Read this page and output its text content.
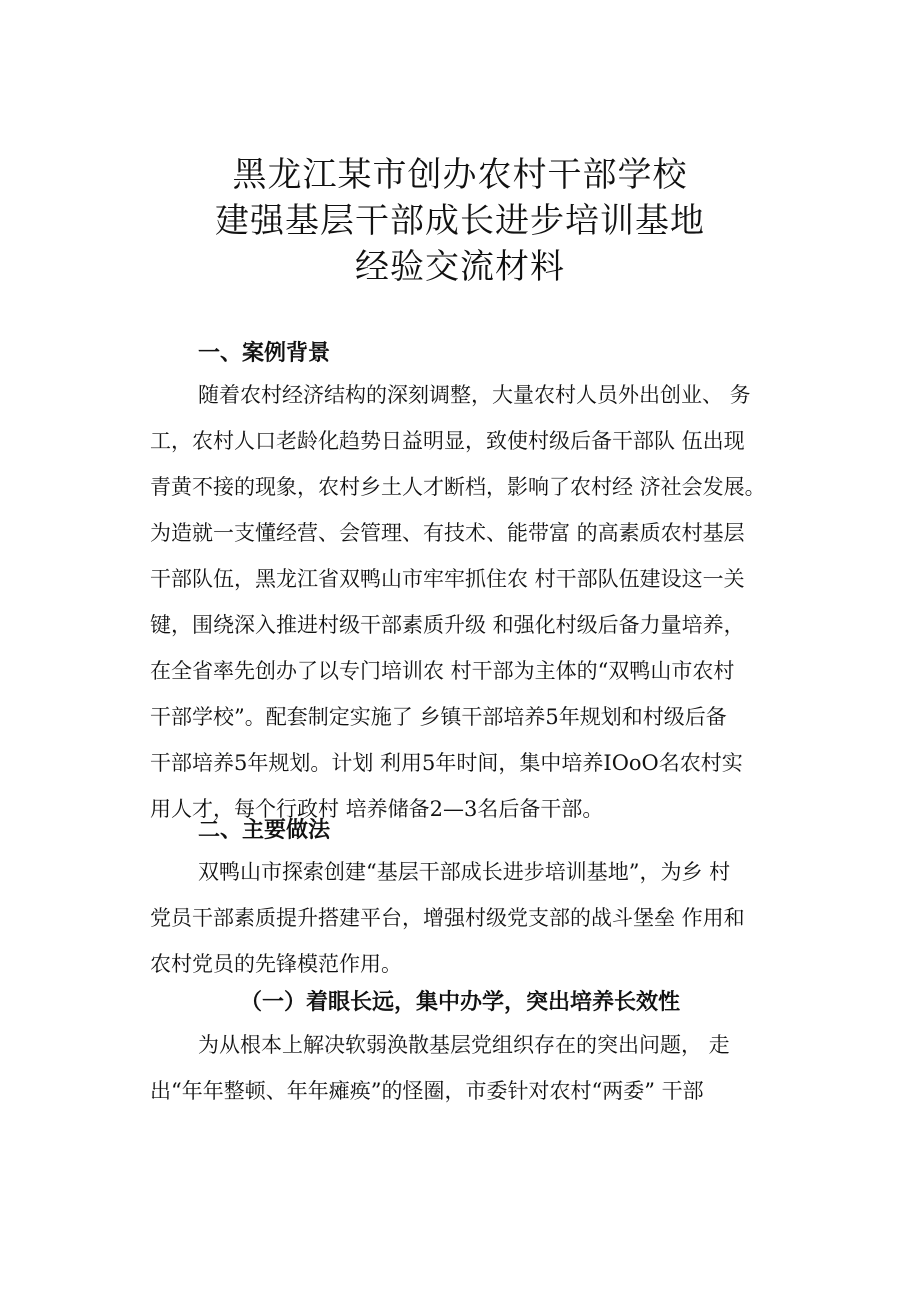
黑龙江某市创办农村干部学校
建强基层干部成长进步培训基地
经验交流材料
一、案例背景
随着农村经济结构的深刻调整，大量农村人员外出创业、 务
工，农村人口老龄化趋势日益明显，致使村级后备干部队 伍出现
青黄不接的现象，农村乡土人才断档，影响了农村经 济社会发展。
为造就一支懂经营、会管理、有技术、能带富 的高素质农村基层
干部队伍，黑龙江省双鸭山市牢牢抓住农 村干部队伍建设这一关
键，围绕深入推进村级干部素质升级 和强化村级后备力量培养，
在全省率先创办了以专门培训农 村干部为主体的“双鸭山市农村
干部学校”。配套制定实施了 乡镇干部培养5年规划和村级后备
干部培养5年规划。计划 利用5年时间，集中培养IOoO名农村实
用人才，每个行政村 培养储备2—3名后备干部。
二、主要做法
双鸭山市探索创建“基层干部成长进步培训基地”，为乡 村
党员干部素质提升搭建平台，增强村级党支部的战斗堡垒 作用和
农村党员的先锋模范作用。
（一）着眼长远，集中办学，突出培养长效性
为从根本上解决软弱涣散基层党组织存在的突出问题， 走
出“年年整顿、年年瘫痪”的怪圈，市委针对农村“两委” 干部
